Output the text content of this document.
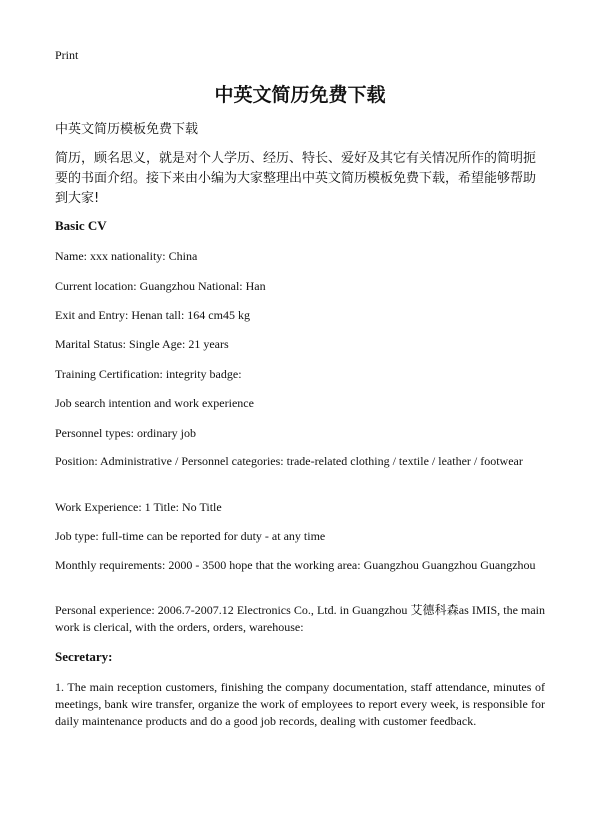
Print

中英文简历免费下载

中英文简历模板免费下载

简历，顾名思义，就是对个人学历、经历、特长、爱好及其它有关情况所作的简明扼要的书面介绍。接下来由小编为大家整理出中英文简历模板免费下载，希望能够帮助到大家!

Basic CV

Name: xxx nationality: China

Current location: Guangzhou National: Han

Exit and Entry: Henan tall: 164 cm45 kg

Marital Status: Single Age: 21 years

Training Certification: integrity badge:

Job search intention and work experience

Personnel types: ordinary job

Position: Administrative / Personnel categories: trade-related clothing / textile / leather / footwear

Work Experience: 1 Title: No Title

Job type: full-time can be reported for duty - at any time

Monthly requirements: 2000 - 3500 hope that the working area: Guangzhou Guangzhou Guangzhou

Personal experience: 2006.7-2007.12 Electronics Co., Ltd. in Guangzhou 艾德科森as IMIS, the main work is clerical, with the orders, orders, warehouse:

Secretary:

1. The main reception customers, finishing the company documentation, staff attendance, minutes of meetings, bank wire transfer, organize the work of employees to report every week, is responsible for daily maintenance products and do a good job records, dealing with customer feedback.
